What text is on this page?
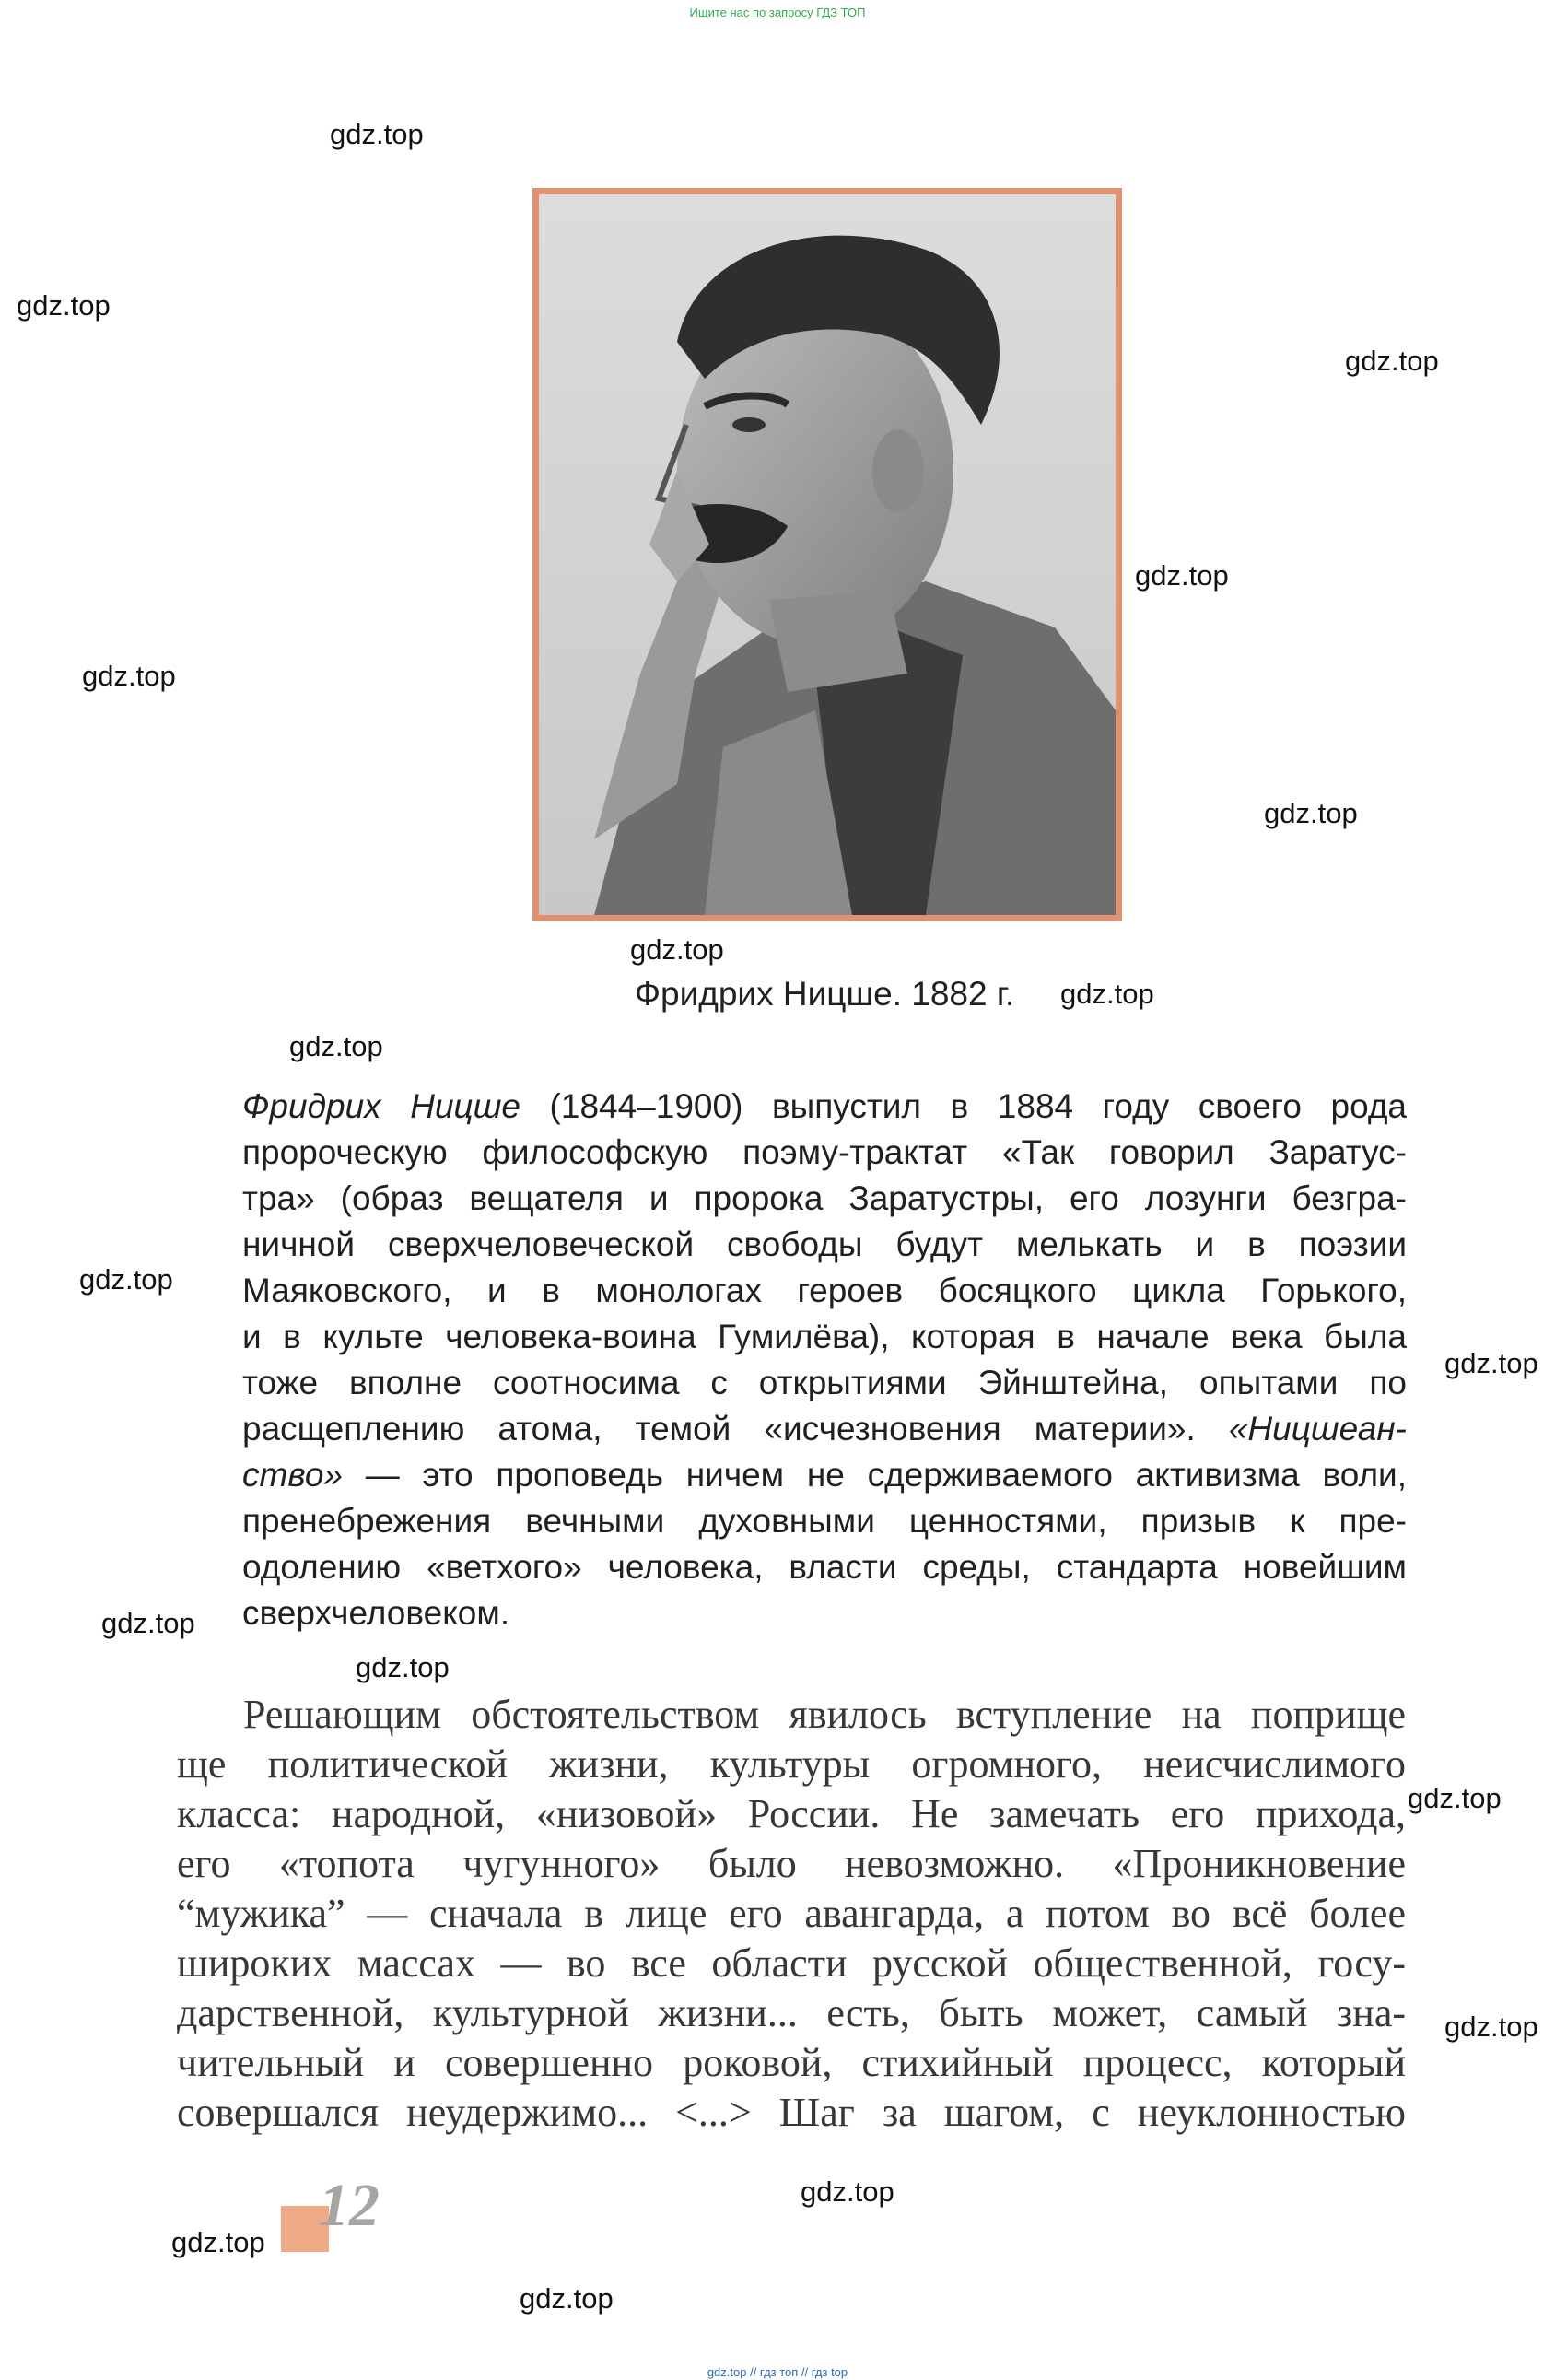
Ищите нас по запросу ГДЗ ТОП
gdz.top
gdz.top
gdz.top
gdz.top
gdz.top
gdz.top
gdz.top
gdz.top
gdz.top
gdz.top
gdz.top
gdz.top
gdz.top
gdz.top
gdz.top
gdz.top
gdz.top
gdz.top
Фридрих Ницше. 1882 г.
Фридрих Ницше (1844–1900) выпустил в 1884 году своего рода
пророческую философскую поэму-трактат «Так говорил Заратус-
тра» (образ вещателя и пророка Заратустры, его лозунги безгра-
ничной сверхчеловеческой свободы будут мелькать и в поэзии
Маяковского, и в монологах героев босяцкого цикла Горького,
и в культе человека-воина Гумилёва), которая в начале века была
тоже вполне соотносима с открытиями Эйнштейна, опытами по
расщеплению атома, темой «исчезновения материи». «Ницшеан-
ство» — это проповедь ничем не сдерживаемого активизма воли,
пренебрежения вечными духовными ценностями, призыв к пре-
одолению «ветхого» человека, власти среды, стандарта новейшим
сверхчеловеком.
Решающим обстоятельством явилось вступление на поприще
ще политической жизни, культуры огромного, неисчислимого
класса: народной, «низовой» России. Не замечать его прихода,
его «топота чугунного» было невозможно. «Проникновение
“мужика” — сначала в лице его авангарда, а потом во всё более
широких массах — во все области русской общественной, госу-
дарственной, культурной жизни... есть, быть может, самый зна-
чительный и совершенно роковой, стихийный процесс, который
совершался неудержимо... <...> Шаг за шагом, с неуклонностью
12
gdz.top // гдз топ // гдз top
